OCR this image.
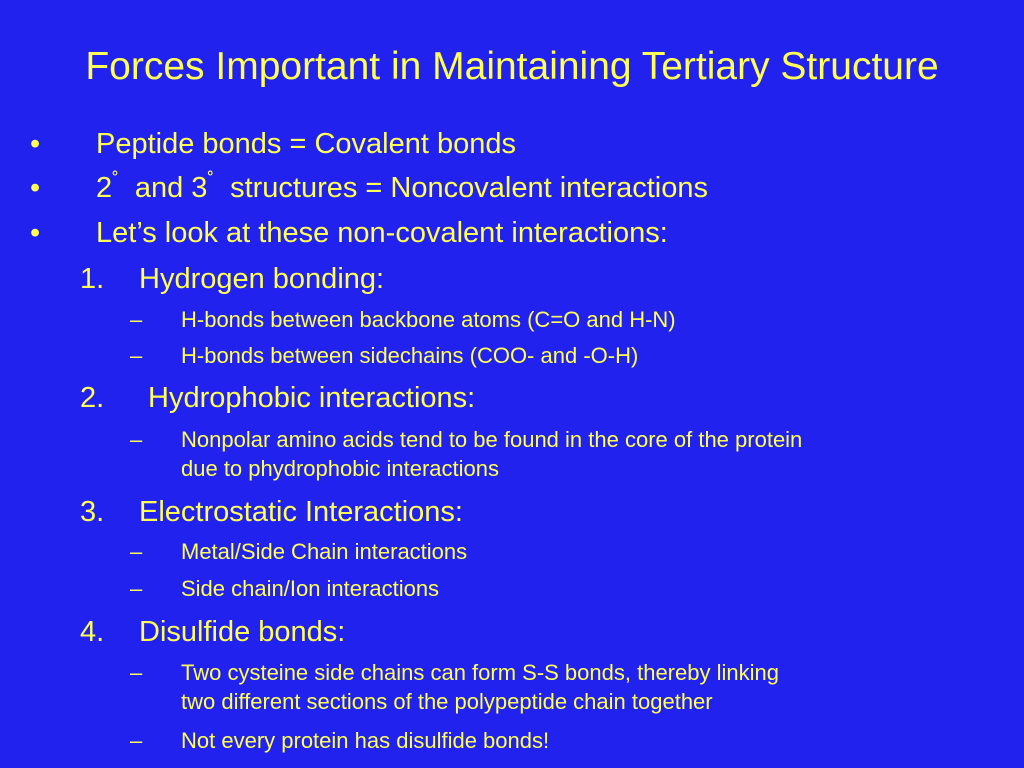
Forces Important in Maintaining Tertiary Structure
• Peptide bonds = Covalent bonds
• 2˚ and 3˚ structures = Noncovalent interactions
• Let’s look at these non-covalent interactions:
1. Hydrogen bonding:
– H-bonds between backbone atoms (C=O and H-N)
– H-bonds between sidechains (COO- and -O-H)
2. Hydrophobic interactions:
– Nonpolar amino acids tend to be found in the core of the protein
due to phydrophobic interactions
3. Electrostatic Interactions:
– Metal/Side Chain interactions
– Side chain/Ion interactions
4. Disulfide bonds:
– Two cysteine side chains can form S-S bonds, thereby linking
two different sections of the polypeptide chain together
– Not every protein has disulfide bonds!
